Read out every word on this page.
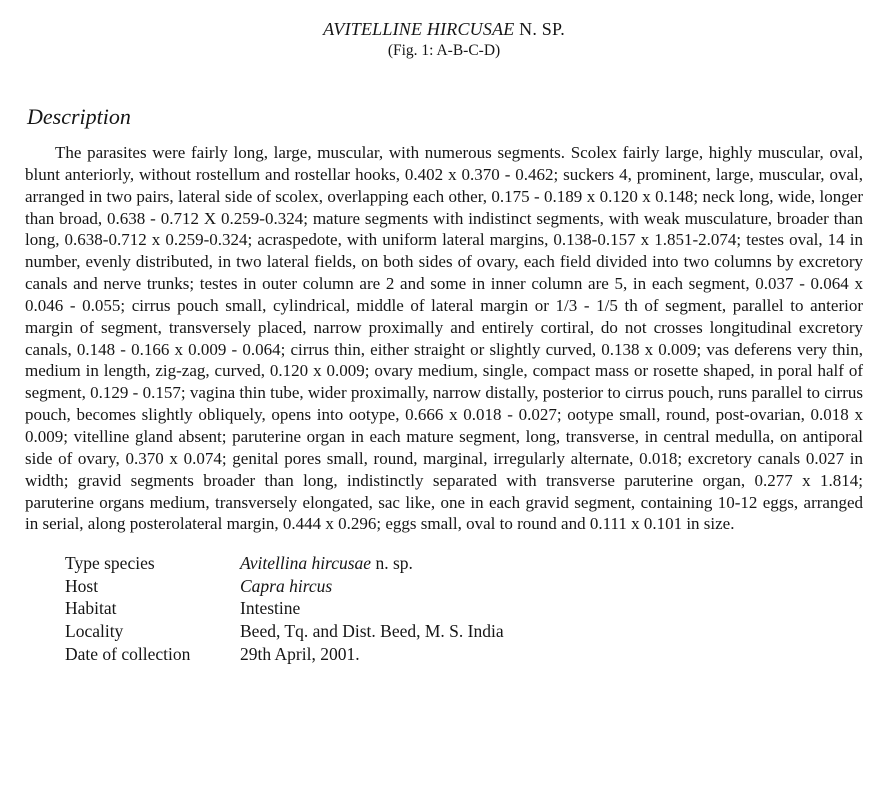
AVITELLINE HIRCUSAE N. SP.
(Fig. 1: A-B-C-D)
Description

The parasites were fairly long, large, muscular, with numerous segments. Scolex fairly large, highly muscular, oval, blunt anteriorly, without rostellum and rostellar hooks, 0.402 x 0.370 - 0.462; suckers 4, prominent, large, muscular, oval, arranged in two pairs, lateral side of scolex, overlapping each other, 0.175 - 0.189 x 0.120 x 0.148; neck long, wide, longer than broad, 0.638 - 0.712 X 0.259-0.324; mature segments with indistinct segments, with weak musculature, broader than long, 0.638-0.712 x 0.259-0.324; acraspedote, with uniform lateral margins, 0.138-0.157 x 1.851-2.074; testes oval, 14 in number, evenly distributed, in two lateral fields, on both sides of ovary, each field divided into two columns by excretory canals and nerve trunks; testes in outer column are 2 and some in inner column are 5, in each segment, 0.037 - 0.064 x 0.046 - 0.055; cirrus pouch small, cylindrical, middle of lateral margin or 1/3 - 1/5 th of segment, parallel to anterior margin of segment, transversely placed, narrow proximally and entirely cortiral, do not crosses longitudinal excretory canals, 0.148 - 0.166 x 0.009 - 0.064; cirrus thin, either straight or slightly curved, 0.138 x 0.009; vas deferens very thin, medium in length, zig-zag, curved, 0.120 x 0.009; ovary medium, single, compact mass or rosette shaped, in poral half of segment, 0.129 - 0.157; vagina thin tube, wider proximally, narrow distally, posterior to cirrus pouch, runs parallel to cirrus pouch, becomes slightly obliquely, opens into ootype, 0.666 x 0.018 - 0.027; ootype small, round, post-ovarian, 0.018 x 0.009; vitelline gland absent; paruterine organ in each mature segment, long, transverse, in central medulla, on antiporal side of ovary, 0.370 x 0.074; genital pores small, round, marginal, irregularly alternate, 0.018; excretory canals 0.027 in width; gravid segments broader than long, indistinctly separated with transverse paruterine organ, 0.277 x 1.814; paruterine organs medium, transversely elongated, sac like, one in each gravid segment, containing 10-12 eggs, arranged in serial, along posterolateral margin, 0.444 x 0.296; eggs small, oval to round and 0.111 x 0.101 in size.

Type species	Avitellina hircusae n. sp.
Host	Capra hircus
Habitat	Intestine
Locality	Beed, Tq. and Dist. Beed, M. S. India
Date of collection	29th April, 2001.
